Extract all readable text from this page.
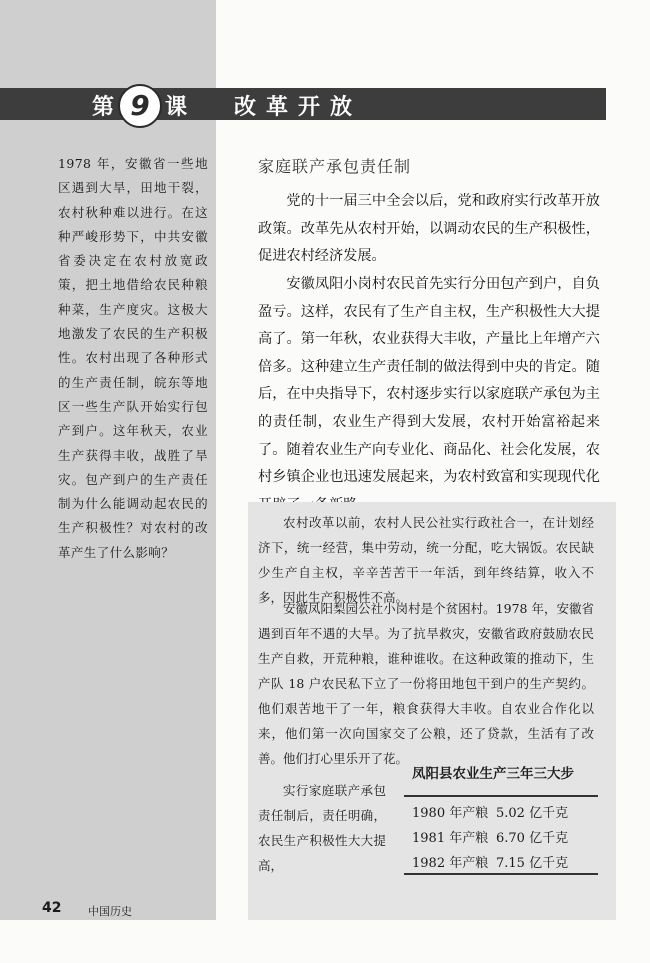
第 课 改革开放
9
1978 年，安徽省一些地区遇到大旱，田地干裂，农村秋种难以进行。在这种严峻形势下，中共安徽省委决定在农村放宽政策，把土地借给农民种粮种菜，生产度灾。这极大地激发了农民的生产积极性。农村出现了各种形式的生产责任制，皖东等地区一些生产队开始实行包产到户。这年秋天，农业生产获得丰收，战胜了旱灾。包产到户的生产责任制为什么能调动起农民的生产积极性？对农村的改革产生了什么影响？
家庭联产承包责任制

党的十一届三中全会以后，党和政府实行改革开放政策。改革先从农村开始，以调动农民的生产积极性，促进农村经济发展。

安徽凤阳小岗村农民首先实行分田包产到户，自负盈亏。这样，农民有了生产自主权，生产积极性大大提高了。第一年秋，农业获得大丰收，产量比上年增产六倍多。这种建立生产责任制的做法得到中央的肯定。随后，在中央指导下，农村逐步实行以家庭联产承包为主的责任制，农业生产得到大发展，农村开始富裕起来了。随着农业生产向专业化、商品化、社会化发展，农村乡镇企业也迅速发展起来，为农村致富和实现现代化

农村改革以前，农村人民公社实行政社合一，在计划经济下，统一经营，集中劳动，统一分配，吃大锅饭。农民缺少生产自主权，辛辛苦苦干一年活，到年终结算，收入不多，因此生产积极性不高。

安徽凤阳梨园公社小岗村是个贫困村。1978 年，安徽省遇到百年不遇的大旱。为了抗旱救灾，安徽省政府鼓励农民生产自救，开荒种粮，谁种谁收。在这种政策的推动下，生产队 18 户农民私下立了一份将田地包干到户的生产契约。他们艰苦地干了一年，粮食获得大丰收。自农业合作化以来，他们第一次向国家交了公粮，还了贷款，生活有了改善。他们打心里乐开了花。

实行家庭联产承包责任制后，责任明确，农民生产积极性大大提高，

凤阳县农业生产三年三大步
1980 年产粮 5.02 亿千克
1981 年产粮 6.70 亿千克
1982 年产粮 7.15 亿千克
42 中国历史
